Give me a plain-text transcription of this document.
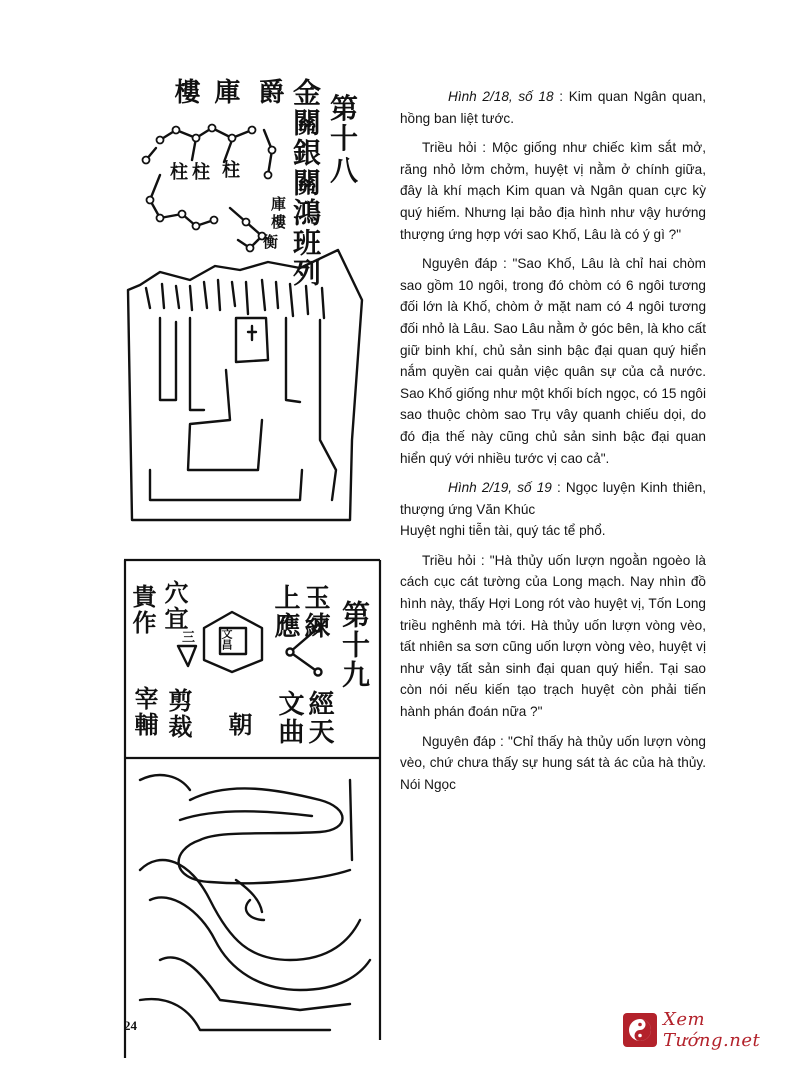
第
十
八
金關銀關鴻班列
爵
庫
樓
柱
柱
柱
庫
樓
衡
第十九
經天
文曲
玉練
上應
朝
文昌
穴宜
貴作
三
剪裁
宰輔
24

Hình 2/18, số 18 : Kim quan Ngân quan, hồng ban liệt tước.

Triều hỏi : Mộc giống như chiếc kìm sắt mở, răng nhỏ lởm chởm, huyệt vị nằm ở chính giữa, đây là khí mạch Kim quan và Ngân quan cực kỳ quý hiếm. Nhưng lại bảo địa hình như vậy hướng thượng ứng hợp với sao Khố, Lâu là có ý gì ?"

Nguyên đáp : "Sao Khố, Lâu là chỉ hai chòm sao gồm 10 ngôi, trong đó chòm có 6 ngôi tương đối lớn là Khố, chòm ở mặt nam có 4 ngôi tương đối nhỏ là Lâu. Sao Lâu nằm ở góc bên, là kho cất giữ binh khí, chủ sản sinh bậc đại quan quý hiển nắm quyền cai quản việc quân sự của cả nước. Sao Khố giống như một khối bích ngọc, có 15 ngôi sao thuộc chòm sao Trụ vây quanh chiếu dọi, do đó địa thế này cũng chủ sản sinh bậc đại quan hiển quý với nhiều tước vị cao cả".

Hình 2/19, số 19 : Ngọc luyện Kinh thiên, thượng ứng Văn Khúc

Huyệt nghi tiễn tài, quý tác tể phổ.

Triều hỏi : "Hà thủy uốn lượn ngoằn ngoèo là cách cục cát tường của Long mạch. Nay nhìn đồ hình này, thấy Hợi Long rót vào huyệt vị, Tốn Long triều nghênh mà tới. Hà thủy uốn lượn vòng vèo, tất nhiên sa sơn cũng uốn lượn vòng vèo, huyệt vị như vậy tất sản sinh đại quan quý hiển. Tại sao còn nói nếu kiến tạo trạch huyệt còn phải tiến hành phán đoán nữa ?"

Nguyên đáp : "Chỉ thấy hà thủy uốn lượn vòng vèo, chứ chưa thấy sự hung sát tà ác của hà thủy. Nói Ngọc

Xem Tướng.net
